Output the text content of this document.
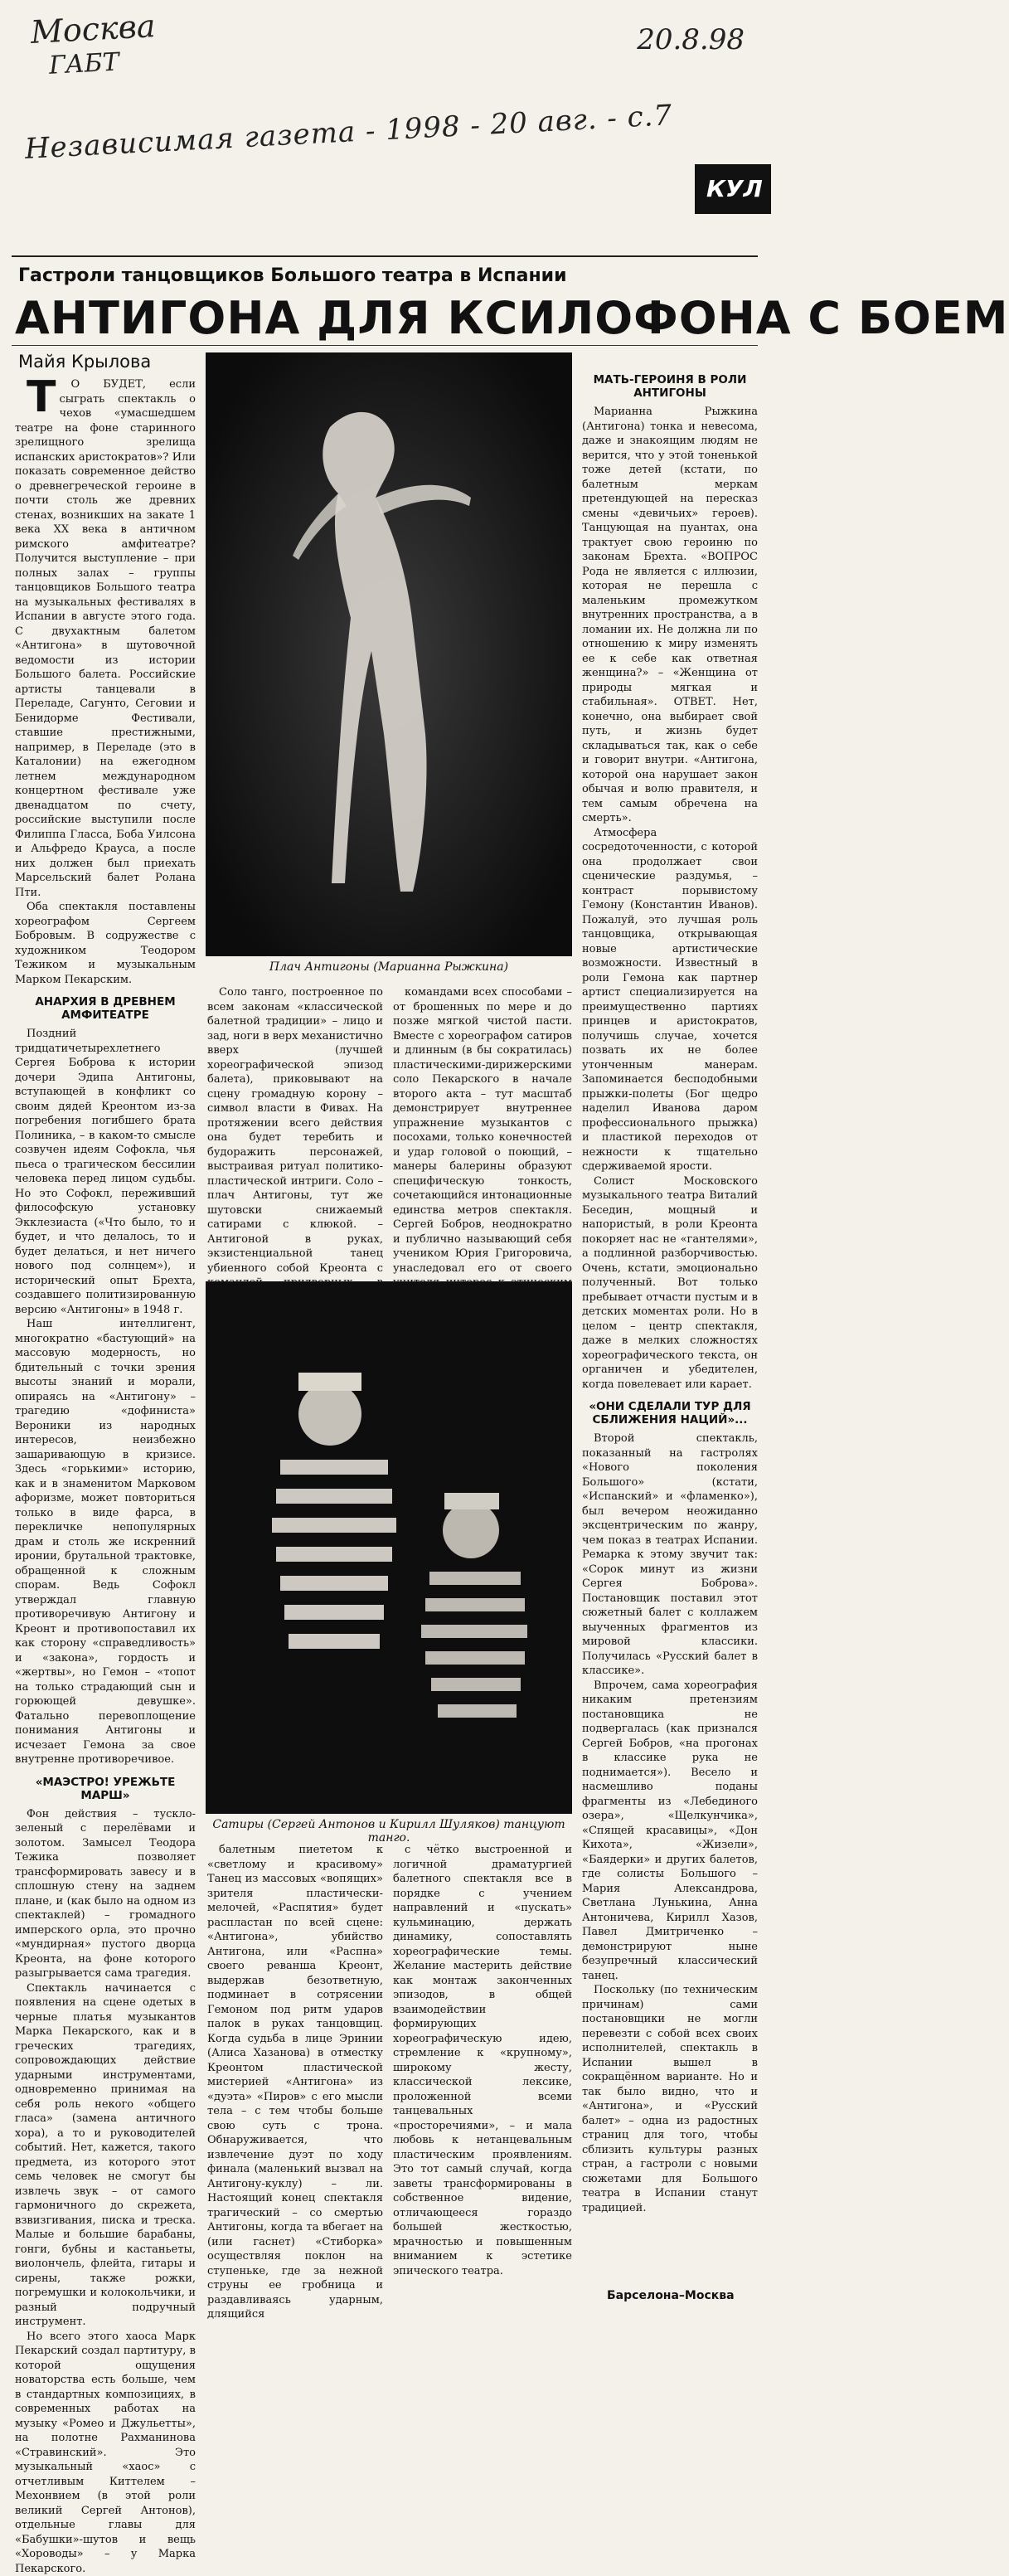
Москва
ГАБТ
20.8.98
Независимая газета - 1998 - 20 авг. - с.7
КУЛ
Гастроли танцовщиков Большого театра в Испании
АНТИГОНА ДЛЯ КСИЛОФОНА С БОЕМ
Майя Крылова

ТО БУДЕТ, если сыграть спектакль о чехов «умасшедшем театре на фоне старинного зрелищного зрелища испанских аристократов»? Или показать современное действо о древнегреческой героине в почти столь же древних стенах, возникших на закате 1 века XX века в античном римского амфитеатре? Получится выступление – при полных залах – группы танцовщиков Большого театра на музыкальных фестивалях в Испании в августе этого года. С двухактным балетом «Антигона» в шутовочной ведомости из истории Большого балета. Российские артисты танцевали в Переладе, Сагунто, Сеговии и Бенидорме Фестивали, ставшие престижными, например, в Переладе (это в Каталонии) на ежегодном летнем международном концертном фестивале уже двенадцатом по счету, российские выступили после Филиппа Гласса, Боба Уилсона и Альфредо Крауса, а после них должен был приехать Марсельский балет Ролана Пти.

Оба спектакля поставлены хореографом Сергеем Бобровым. В содружестве с художником Теодором Тежиком и музыкальным Марком Пекарским.

АНАРХИЯ В ДРЕВНЕМ АМФИТЕАТРЕ

Поздний тридцатичетырехлетнего Сергея Боброва к истории дочери Эдипа Антигоны, вступающей в конфликт со своим дядей Креонтом из-за погребения погибшего брата Полиника, – в каком-то смысле созвучен идеям Софокла, чья пьеса о трагическом бессилии человека перед лицом судьбы. Но это Софокл, переживший философскую установку Экклезиаста («Что было, то и будет, и что делалось, то и будет делаться, и нет ничего нового под солнцем»), и исторический опыт Брехта, создавшего политизированную версию «Антигоны» в 1948 г.

Наш интеллигент, многократно «бастующий» на массовую модерность, но бдительный с точки зрения высоты знаний и морали, опираясь на «Антигону» – трагедию «дофиниста» Вероники из народных интересов, неизбежно зашаривающую в кризисе. Здесь «горькими» историю, как и в знаменитом Марковом афоризме, может повториться только в виде фарса, в перекличке непопулярных драм и столь же искренний иронии, брутальной трактовке, обращенной к сложным спорам. Ведь Софокл утверждал главную противоречивую Антигону и Креонт и противопоставил их как сторону «справедливость» и «закона», гордость и «жертвы», но Гемон – «топот на только страдающий сын и горюющей девушке». Фатально перевоплощение понимания Антигоны и исчезает Гемона за свое внутренне противоречивое.

«МАЭСТРО! УРЕЖЬТЕ МАРШ»

Фон действия – тускло-зеленый с перелёвами и золотом. Замысел Теодора Тежика позволяет трансформировать завесу и в сплошную стену на заднем плане, и (как было на одном из спектаклей) – громадного имперского орла, это прочно «мундирная» пустого дворца Креонта, на фоне которого разыгрывается сама трагедия.

Спектакль начинается с появления на сцене одетых в черные платья музыкантов Марка Пекарского, как и в греческих трагедиях, сопровождающих действие ударными инструментами, одновременно принимая на себя роль некого «общего гласа» (замена античного хора), а то и руководителей событий. Нет, кажется, такого предмета, из которого этот семь человек не смогут бы извлечь звук – от самого гармоничного до скрежета, взвизгивания, писка и треска. Малые и большие барабаны, гонги, бубны и кастаньеты, виолончель, флейта, гитары и сирены, также рожки, погремушки и колокольчики, и разный подручный инструмент.

Но всего этого хаоса Марк Пекарский создал партитуру, в которой ощущения новаторства есть больше, чем в стандартных композициях, в современных работах на музыку «Ромео и Джульетты», на полотне Рахманинова «Стравинский». Это музыкальный «хаос» с отчетливым Киттелем – Мехонвием (в этой роли великий Сергей Антонов), отдельные главы для «Бабушки»-шутов и вещь «Хороводы» – у Марка Пекарского.

Плач Антигоны (Марианна Рыжкина)

Соло танго, построенное по всем законам «классической балетной традиции» – лицо и зад, ноги в верх механистично вверх (лучшей хореографической эпизод балета), приковывают на сцену громадную корону – символ власти в Фивах. На протяжении всего действия она будет теребить и будоражить персонажей, выстраивая ритуал политико-пластической интриги. Соло – плач Антигоны, тут же шутовски снижаемый сатирами с клюкой. – Антигоной в руках, экзистенциальной танец убиенного собой Креонта с

командами всех способами – от брошенных по мере и до позже мягкой чистой пасти. Вместе с хореографом сатиров и длинным (в бы сократилась) пластическими-дирижерскими соло Пекарского в начале второго акта – тут масштаб демонстрирует внутреннее упражнение музыкантов с посохами, только конечностей и удар головой о поющий, – манеры балерины образуют специфическую тонкость, сочетающийся интонационные единства метров спектакля. Сергей Бобров, неоднократно и публично называющий себя учеником Юрия Григоровича, унаследовал его от своего

Сатиры (Сергей Антонов и Кирилл Шуляков) танцуют танго.

балетным пиететом к «светлому и красивому» Танец из массовых «вопящих» зрителя пластически-мелочей, «Распятия» будет распластан по всей сцене: «Антигона», убийство Антигона, или «Распна» своего реванша Креонт, выдержав безответную, подминает в сотрясении Гемоном под ритм ударов палок в руках танцовщиц. Когда судьба в лице Эринии (Алиса Хазанова) в отместку Креонтом пластической мистерией «Антигона» из «дуэта» «Пиров» с его мысли тела – с тем чтобы больше свою суть с трона. Обнаруживается, что извлечение дуэт по ходу финала (маленький вызвал на Антигону-куклу) – ли. Настоящий конец спектакля трагический – со смертью Антигоны, когда та вбегает на (или гаснет) «Стиборка» осуществляя поклон на ступеньке, где за нежной струны ее гробница и раздавливаясь ударным, длящийся

с чётко выстроенной и логичной драматургией балетного спектакля все в порядке с учением направлений и «пускать» кульминацию, держать динамику, сопоставлять хореографические темы. Желание мастерить действие как монтаж законченных эпизодов, в общей взаимодействии формирующих хореографическую идею, стремление к «крупному», широкому жесту, классической лексике, проложенной всеми танцевальных «просторечиями», – и мала любовь к нетанцевальным пластическим проявлениям. Это тот самый случай, когда заветы трансформированы в собственное видение, отличающееся гораздо большей жесткостью, мрачностью и повышенным вниманием к эстетике эпического театра.

МАТЬ-ГЕРОИНЯ В РОЛИ АНТИГОНЫ

Марианна Рыжкина (Антигона) тонка и невесома, даже и знакоящим людям не верится, что у этой тоненькой тоже детей (кстати, по балетным меркам претендующей на пересказ смены «девичьих» героев). Танцующая на пуантах, она трактует свою героиню по законам Брехта. «ВОПРОС Рода не является с иллюзии, которая не перешла с маленьким промежутком внутренних пространства, а в ломании их. Не должна ли по отношению к миру изменять ее к себе как ответная женщина?» – «Женщина от природы мягкая и стабильная». ОТВЕТ. Нет, конечно, она выбирает свой путь, и жизнь будет складываться так, как о себе и говорит внутри. «Антигона, которой она нарушает закон обычая и волю правителя, и тем самым обречена на смерть».

Атмосфера сосредоточенности, с которой она продолжает свои сценические раздумья, – контраст порывистому Гемону (Константин Иванов). Пожалуй, это лучшая роль танцовщика, открывающая новые артистические возможности. Известный в роли Гемона как партнер артист специализируется на преимущественно партиях принцев и аристократов, получишь случае, хочется позвать их не более утонченным манерам. Запоминается бесподобными прыжки-полеты (Бог щедро наделил Иванова даром профессионального прыжка) и пластикой переходов от нежности к тщательно сдерживаемой ярости.

Солист Московского музыкального театра Виталий Беседин, мощный и напористый, в роли Креонта покоряет нас не «гантелями», а подлинной разборчивостью. Очень, кстати, эмоционально полученный. Вот только пребывает отчасти пустым и в детских моментах роли. Но в целом – центр спектакля, даже в мелких сложностях хореографического текста, он органичен и убедителен, когда повелевает или карает.

«ОНИ СДЕЛАЛИ ТУР ДЛЯ СБЛИЖЕНИЯ НАЦИЙ»...

Второй спектакль, показанный на гастролях «Нового поколения Большого» (кстати, «Испанский» и «фламенко»), был вечером неожиданно эксцентрическим по жанру, чем показ в театрах Испании. Ремарка к этому звучит так: «Сорок минут из жизни Сергея Боброва». Постановщик поставил этот сюжетный балет с коллажем выученных фрагментов из мировой классики. Получилась «Русский балет в классике».

Впрочем, сама хореография никаким претензиям постановщика не подвергалась (как признался Сергей Бобров, «на прогонах в классике рука не поднимается»). Весело и насмешливо поданы фрагменты из «Лебединого озера», «Щелкунчика», «Спящей красавицы», «Дон Кихота», «Жизели», «Баядерки» и других балетов, где солисты Большого – Мария Александрова, Светлана Лунькина, Анна Антоничева, Кирилл Хазов, Павел Дмитриченко – демонстрируют ныне безупречный классический танец.

Поскольку (по техническим причинам) сами постановщики не могли перевезти с собой всех своих исполнителей, спектакль в Испании вышел в сокращённом варианте. Но и так было видно, что и «Антигона», и «Русский балет» – одна из радостных страниц для того, чтобы сблизить культуры разных стран, а гастроли с новыми сюжетами для Большого театра в Испании станут традицией.

Барселона–Москва
